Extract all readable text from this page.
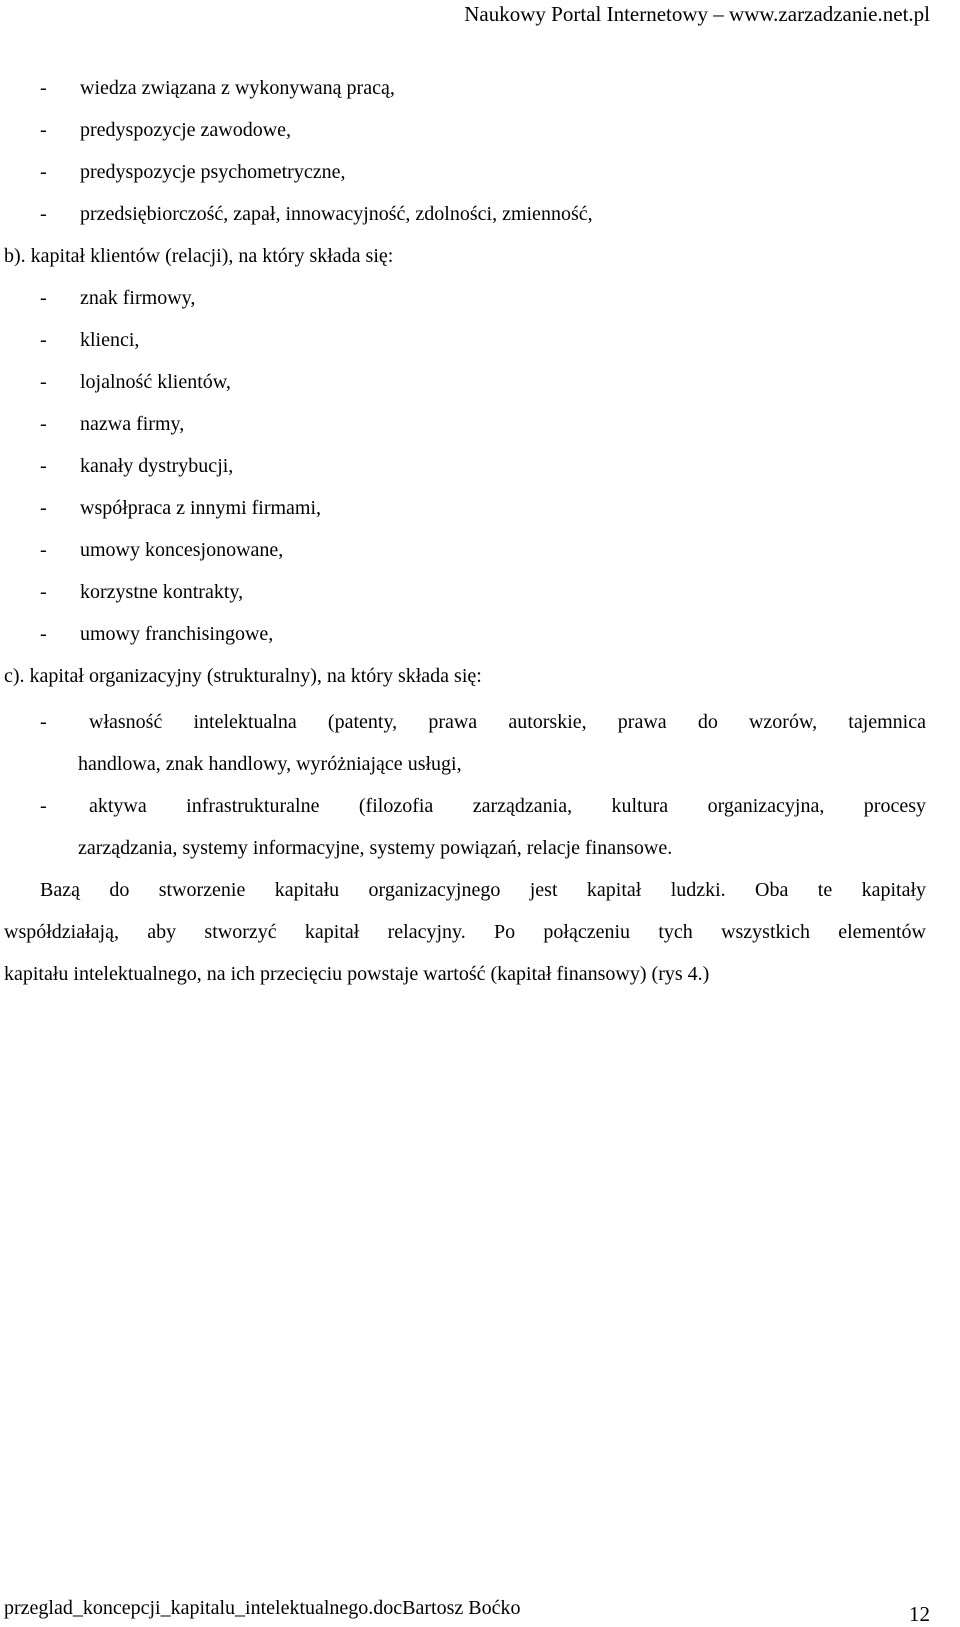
Naukowy Portal Internetowy – www.zarzadzanie.net.pl
- wiedza związana z wykonywaną pracą,
- predyspozycje zawodowe,
- predyspozycje psychometryczne,
- przedsiębiorczość, zapał, innowacyjność, zdolności, zmienność,
b). kapitał klientów (relacji), na który składa się:
- znak firmowy,
- klienci,
- lojalność klientów,
- nazwa firmy,
- kanały dystrybucji,
- współpraca z innymi firmami,
- umowy koncesjonowane,
- korzystne kontrakty,
- umowy franchisingowe,
c). kapitał organizacyjny (strukturalny), na który składa się:
- własność intelektualna (patenty, prawa autorskie, prawa do wzorów, tajemnica
handlowa, znak handlowy, wyróżniające usługi,
- aktywa infrastrukturalne (filozofia zarządzania, kultura organizacyjna, procesy
zarządzania, systemy informacyjne, systemy powiązań, relacje finansowe.
Bazą do stworzenie kapitału organizacyjnego jest kapitał ludzki. Oba te kapitały
współdziałają, aby stworzyć kapitał relacyjny. Po połączeniu tych wszystkich elementów
kapitału intelektualnego, na ich przecięciu powstaje wartość (kapitał finansowy) (rys 4.)
przeglad_koncepcji_kapitalu_intelektualnego.docBartosz Boćko	12
